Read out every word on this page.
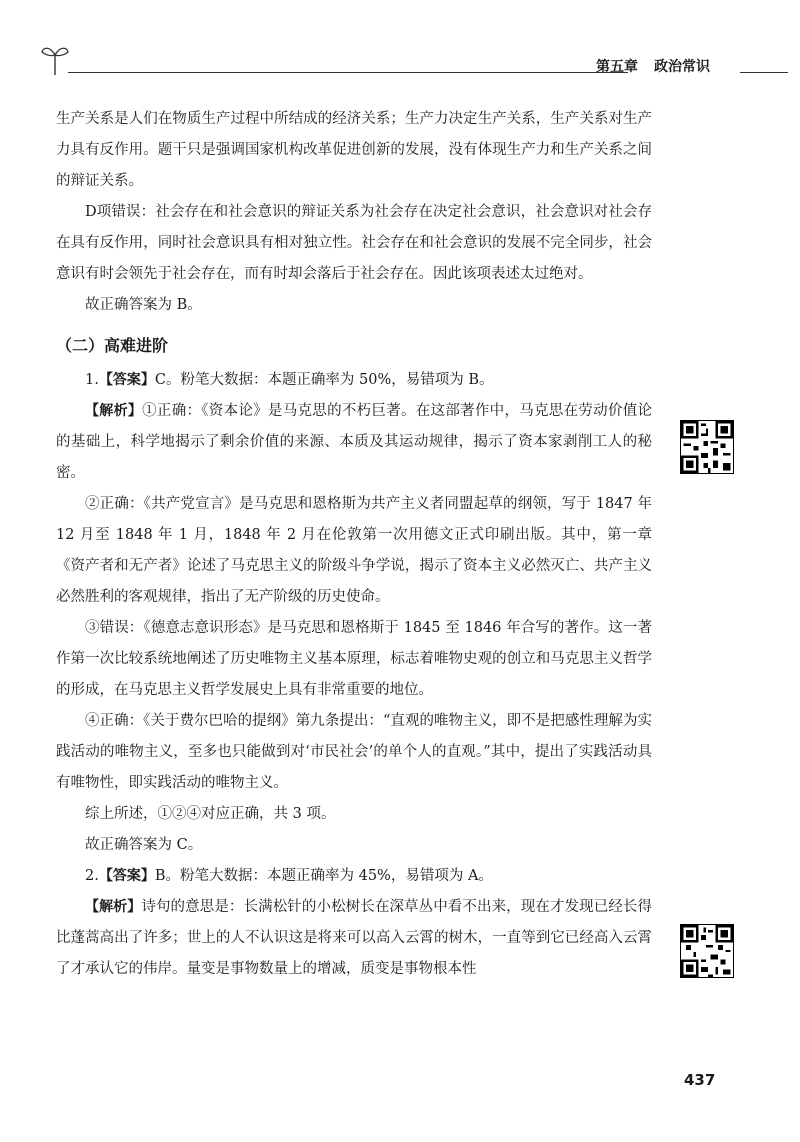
第五章 政治常识
生产关系是人们在物质生产过程中所结成的经济关系；生产力决定生产关系，生产关系对生产力具有反作用。题干只是强调国家机构改革促进创新的发展，没有体现生产力和生产关系之间的辩证关系。
D项错误：社会存在和社会意识的辩证关系为社会存在决定社会意识，社会意识对社会存在具有反作用，同时社会意识具有相对独立性。社会存在和社会意识的发展不完全同步，社会意识有时会领先于社会存在，而有时却会落后于社会存在。因此该项表述太过绝对。
故正确答案为 B。
（二）高难进阶
1.【答案】C。粉笔大数据：本题正确率为 50%，易错项为 B。
【解析】①正确：《资本论》是马克思的不朽巨著。在这部著作中，马克思在劳动价值论的基础上，科学地揭示了剩余价值的来源、本质及其运动规律，揭示了资本家剥削工人的秘密。
②正确：《共产党宣言》是马克思和恩格斯为共产主义者同盟起草的纲领，写于 1847 年 12 月至 1848 年 1 月，1848 年 2 月在伦敦第一次用德文正式印刷出版。其中，第一章《资产者和无产者》论述了马克思主义的阶级斗争学说，揭示了资本主义必然灭亡、共产主义必然胜利的客观规律，指出了无产阶级的历史使命。
③错误：《德意志意识形态》是马克思和恩格斯于 1845 至 1846 年合写的著作。这一著作第一次比较系统地阐述了历史唯物主义基本原理，标志着唯物史观的创立和马克思主义哲学的形成，在马克思主义哲学发展史上具有非常重要的地位。
④正确：《关于费尔巴哈的提纲》第九条提出：“直观的唯物主义，即不是把感性理解为实践活动的唯物主义，至多也只能做到对‘市民社会’的单个人的直观。”其中，提出了实践活动具有唯物性，即实践活动的唯物主义。
综上所述，①②④对应正确，共 3 项。
故正确答案为 C。
2.【答案】B。粉笔大数据：本题正确率为 45%，易错项为 A。
【解析】诗句的意思是：长满松针的小松树长在深草丛中看不出来，现在才发现已经长得比蓬蒿高出了许多；世上的人不认识这是将来可以高入云霄的树木，一直等到它已经高入云霄了才承认它的伟岸。量变是事物数量上的增减，质变是事物根本性
437
